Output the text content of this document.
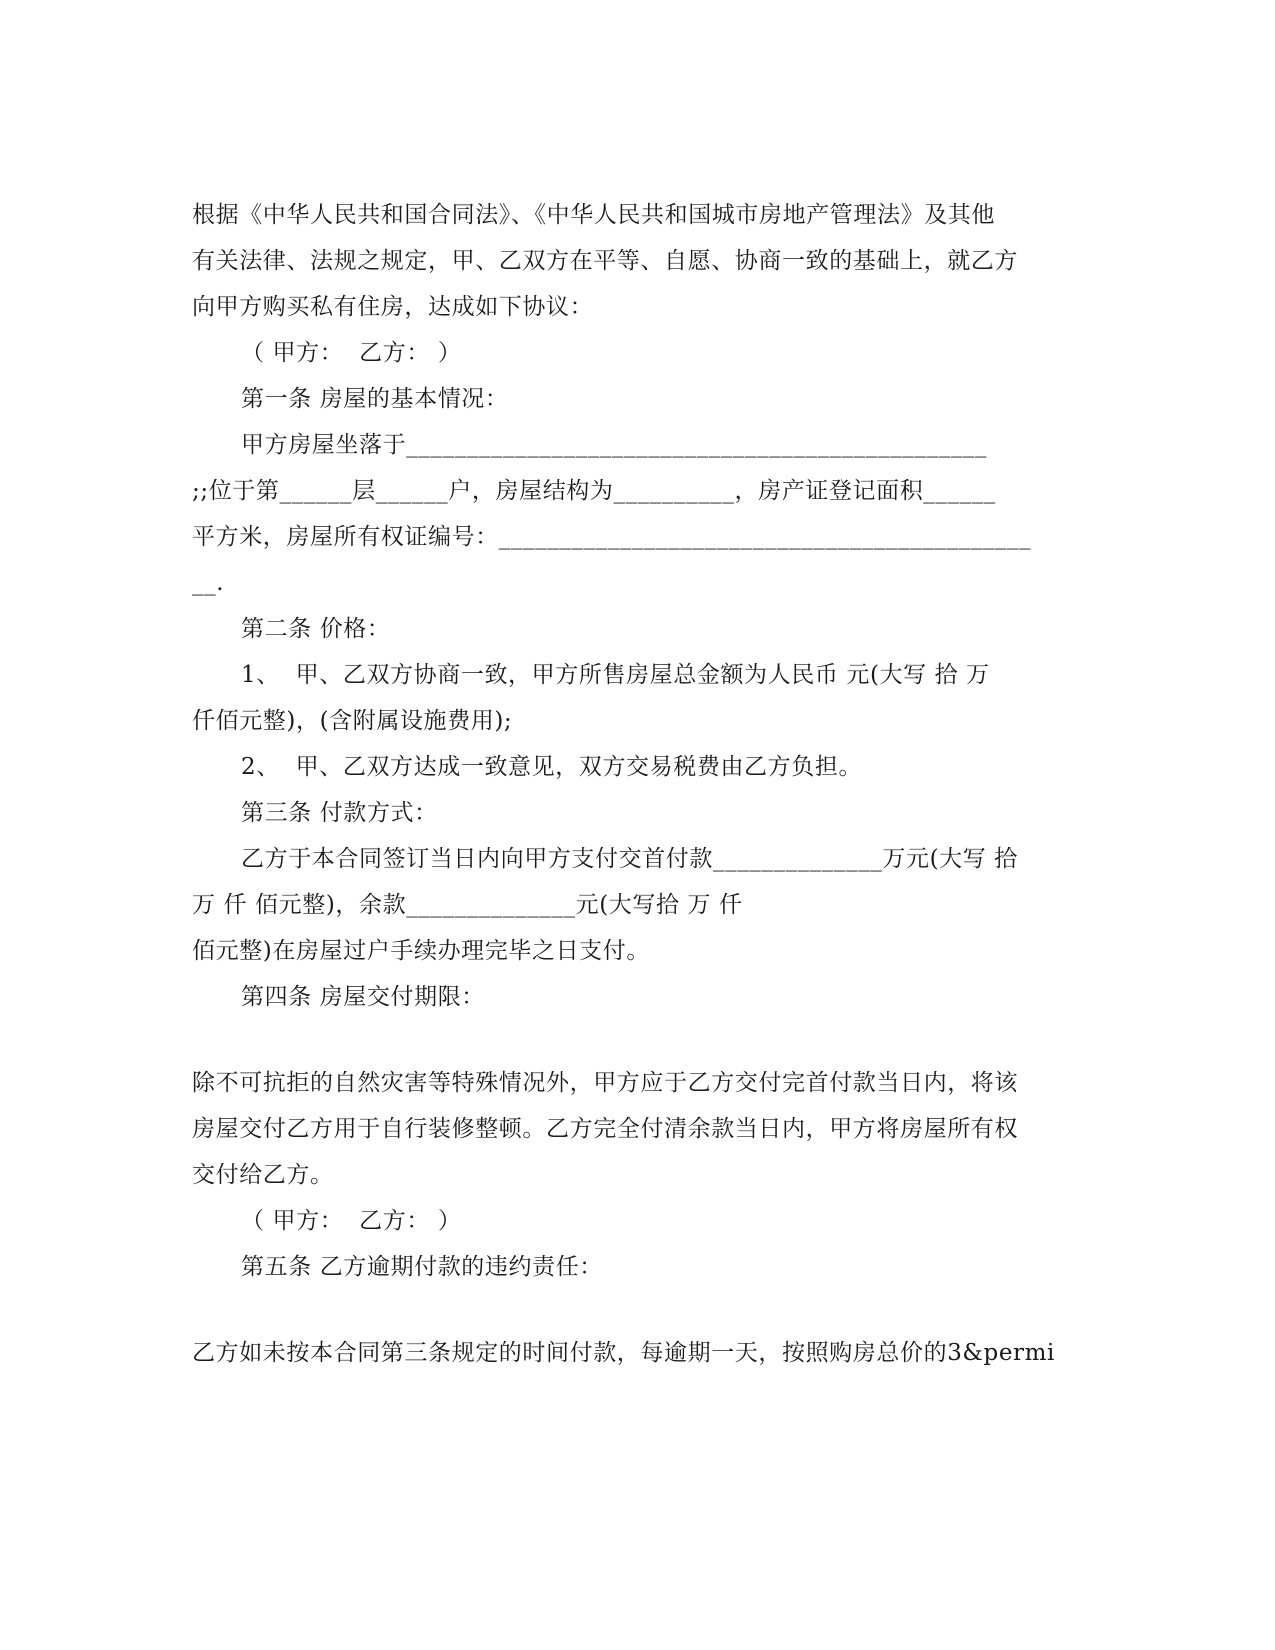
根据《中华人民共和国合同法》、《中华人民共和国城市房地产管理法》及其他
有关法律、法规之规定，甲、乙双方在平等、自愿、协商一致的基础上，就乙方
向甲方购买私有住房，达成如下协议：
（ 甲方：  乙方： ）
第一条 房屋的基本情况：
甲方房屋坐落于________________________________________________
;;位于第______层______户，房屋结构为__________，房产证登记面积______
平方米，房屋所有权证编号：____________________________________________
__.
第二条 价格：
1、  甲、乙双方协商一致，甲方所售房屋总金额为人民币 元(大写 拾 万
仟佰元整)，(含附属设施费用);
2、  甲、乙双方达成一致意见，双方交易税费由乙方负担。
第三条 付款方式：
乙方于本合同签订当日内向甲方支付交首付款______________万元(大写 拾
万 仟 佰元整)，余款______________元(大写拾 万 仟
佰元整)在房屋过户手续办理完毕之日支付。
第四条 房屋交付期限：
除不可抗拒的自然灾害等特殊情况外，甲方应于乙方交付完首付款当日内，将该
房屋交付乙方用于自行装修整顿。乙方完全付清余款当日内，甲方将房屋所有权
交付给乙方。
（ 甲方：  乙方： ）
第五条 乙方逾期付款的违约责任：
乙方如未按本合同第三条规定的时间付款，每逾期一天，按照购房总价的3&permi
